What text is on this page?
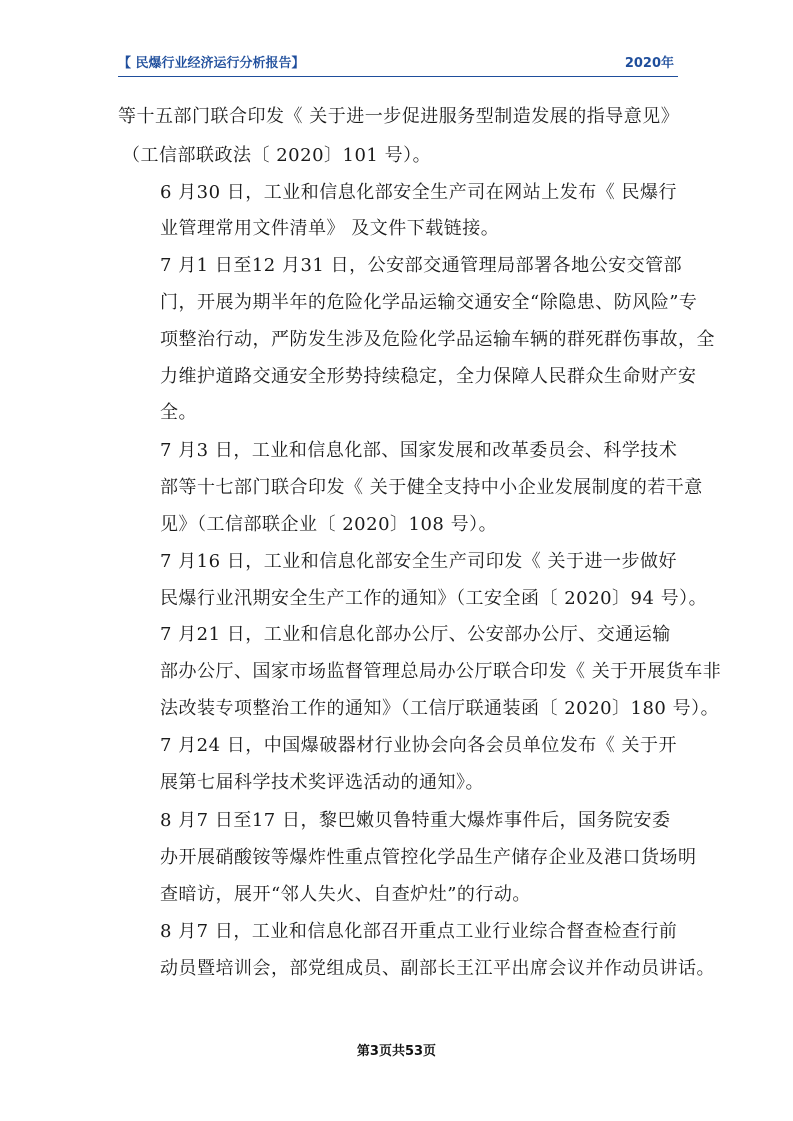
【 民爆行业经济运行分析报告】	2020年
等十五部门联合印发《 关于进一步促进服务型制造发展的指导意见》
（工信部联政法〔 2020〕101 号）。
6 月30 日，工业和信息化部安全生产司在网站上发布《 民爆行
业管理常用文件清单》 及文件下载链接。
7 月1 日至12 月31 日，公安部交通管理局部署各地公安交管部
门，开展为期半年的危险化学品运输交通安全“除隐患、防风险”专
项整治行动，严防发生涉及危险化学品运输车辆的群死群伤事故，全
力维护道路交通安全形势持续稳定，全力保障人民群众生命财产安
全。
7 月3 日，工业和信息化部、国家发展和改革委员会、科学技术
部等十七部门联合印发《 关于健全支持中小企业发展制度的若干意
见》（工信部联企业〔 2020〕108 号）。
7 月16 日，工业和信息化部安全生产司印发《 关于进一步做好
民爆行业汛期安全生产工作的通知》（工安全函〔 2020〕94 号）。
7 月21 日，工业和信息化部办公厅、公安部办公厅、交通运输
部办公厅、国家市场监督管理总局办公厅联合印发《 关于开展货车非
法改装专项整治工作的通知》（工信厅联通装函〔 2020〕180 号）。
7 月24 日，中国爆破器材行业协会向各会员单位发布《 关于开
展第七届科学技术奖评选活动的通知》。
8 月7 日至17 日，黎巴嫩贝鲁特重大爆炸事件后，国务院安委
办开展硝酸铵等爆炸性重点管控化学品生产储存企业及港口货场明
查暗访，展开“邻人失火、自查炉灶”的行动。
8 月7 日，工业和信息化部召开重点工业行业综合督查检查行前
动员暨培训会，部党组成员、副部长王江平出席会议并作动员讲话。
第3页共53页
